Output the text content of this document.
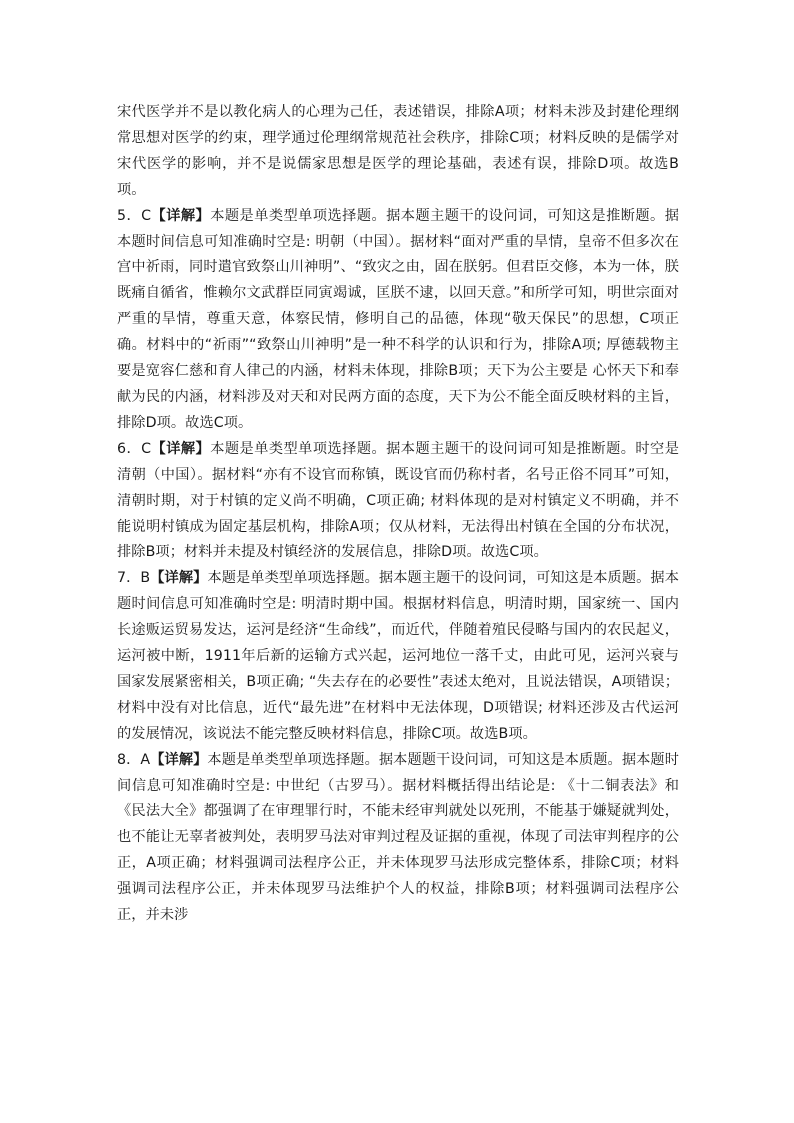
宋代医学并不是以教化病人的心理为己任，表述错误，排除A项；材料未涉及封建伦理纲常思想对医学的约束，理学通过伦理纲常规范社会秩序，排除C项；材料反映的是儒学对宋代医学的影响，并不是说儒家思想是医学的理论基础，表述有误，排除D项。故选B项。

5．C【详解】本题是单类型单项选择题。据本题主题干的设问词，可知这是推断题。据本题时间信息可知准确时空是: 明朝（中国）。据材料“面对严重的旱情，皇帝不但多次在宫中祈雨，同时遣官致祭山川神明”、“致灾之由，固在朕躬。但君臣交修，本为一体，朕既痛自循省，惟赖尔文武群臣同寅竭诚，匡朕不逮，以回天意。”和所学可知，明世宗面对严重的旱情，尊重天意，体察民情，修明自己的品德，体现“敬天保民”的思想，C项正确。材料中的“祈雨”“致祭山川神明”是一种不科学的认识和行为，排除A项; 厚德载物主要是宽容仁慈和育人律己的内涵，材料未体现，排除B项；天下为公主要是 心怀天下和奉献为民的内涵，材料涉及对天和对民两方面的态度，天下为公不能全面反映材料的主旨，排除D项。故选C项。

6．C【详解】本题是单类型单项选择题。据本题主题干的设问词可知是推断题。时空是清朝（中国）。据材料“亦有不设官而称镇，既设官而仍称村者，名号正俗不同耳”可知，清朝时期，对于村镇的定义尚不明确，C项正确; 材料体现的是对村镇定义不明确，并不能说明村镇成为固定基层机构，排除A项；仅从材料，无法得出村镇在全国的分布状况，排除B项；材料并未提及村镇经济的发展信息，排除D项。故选C项。

7．B【详解】本题是单类型单项选择题。据本题主题干的设问词，可知这是本质题。据本题时间信息可知准确时空是: 明清时期中国。根据材料信息，明清时期，国家统一、国内长途贩运贸易发达，运河是经济“生命线”，而近代，伴随着殖民侵略与国内的农民起义，运河被中断，1911年后新的运输方式兴起，运河地位一落千丈，由此可见，运河兴衰与国家发展紧密相关，B项正确; “失去存在的必要性”表述太绝对，且说法错误，A项错误；材料中没有对比信息，近代“最先进”在材料中无法体现，D项错误; 材料还涉及古代运河的发展情况，该说法不能完整反映材料信息，排除C项。故选B项。

8．A【详解】本题是单类型单项选择题。据本题题干设问词，可知这是本质题。据本题时间信息可知准确时空是: 中世纪（古罗马）。据材料概括得出结论是: 《十二铜表法》和《民法大全》都强调了在审理罪行时，不能未经审判就处以死刑，不能基于嫌疑就判处，也不能让无辜者被判处，表明罗马法对审判过程及证据的重视，体现了司法审判程序的公正，A项正确；材料强调司法程序公正，并未体现罗马法形成完整体系，排除C项；材料强调司法程序公正，并未体现罗马法维护个人的权益，排除B项；材料强调司法程序公正，并未涉
